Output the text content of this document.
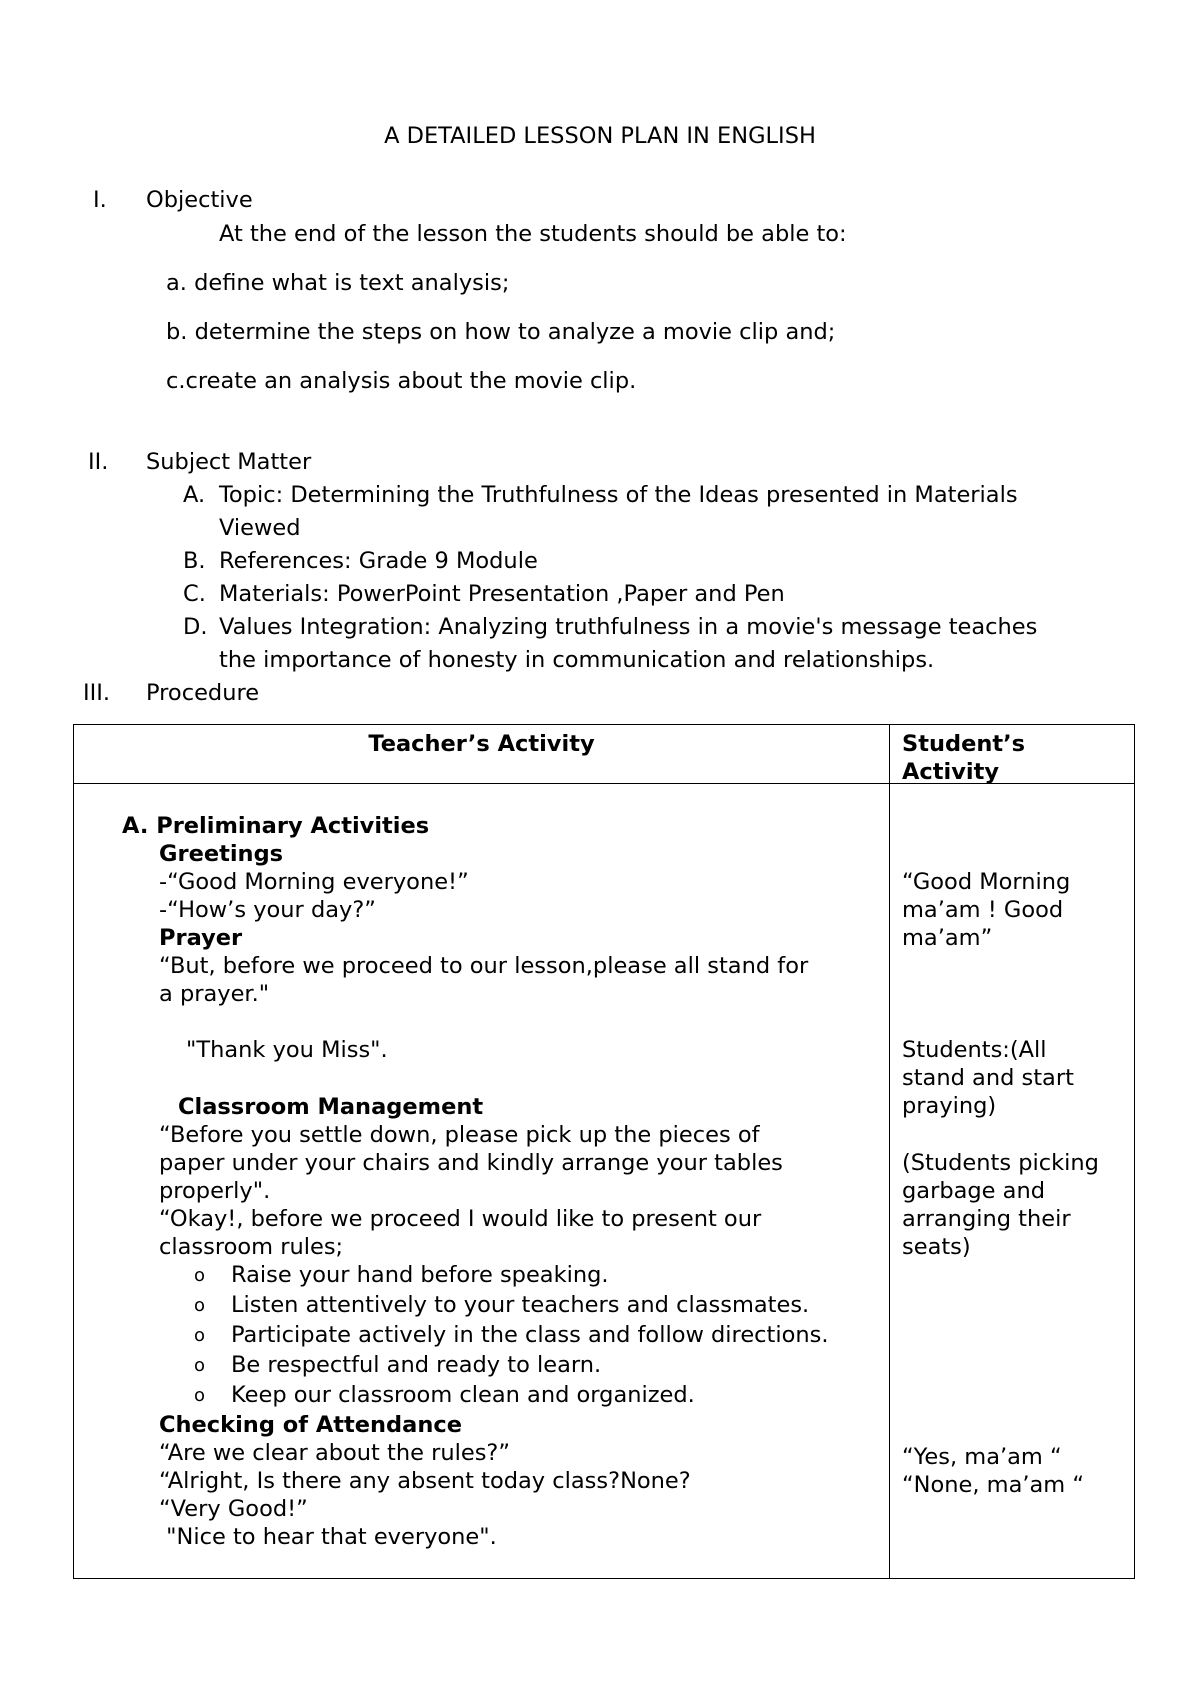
A DETAILED LESSON PLAN IN ENGLISH
I. Objective
At the end of the lesson the students should be able to:
a. define what is text analysis;
b. determine the steps on how to analyze a movie clip and;
c.create an analysis about the movie clip.
II. Subject Matter
A. Topic: Determining the Truthfulness of the Ideas presented in Materials
Viewed
B. References: Grade 9 Module
C. Materials: PowerPoint Presentation ,Paper and Pen
D. Values Integration: Analyzing truthfulness in a movie's message teaches
the importance of honesty in communication and relationships.
III. Procedure
Teacher’s Activity	Student’s
Activity
A. Preliminary Activities
Greetings
-“Good Morning everyone!”
-“How’s your day?”
Prayer
“But, before we proceed to our lesson,please all stand for
a prayer."
"Thank you Miss".
Classroom Management
“Before you settle down, please pick up the pieces of
paper under your chairs and kindly arrange your tables
properly".
“Okay!, before we proceed I would like to present our
classroom rules;
o Raise your hand before speaking.
o Listen attentively to your teachers and classmates.
o Participate actively in the class and follow directions.
o Be respectful and ready to learn.
o Keep our classroom clean and organized.
Checking of Attendance
“Are we clear about the rules?”
“Alright, Is there any absent today class?None?
“Very Good!”
"Nice to hear that everyone".
“Good Morning
ma’am ! Good
ma’am”
Students:(All
stand and start
praying)
(Students picking
garbage and
arranging their
seats)
“Yes, ma’am “
“None, ma’am “
